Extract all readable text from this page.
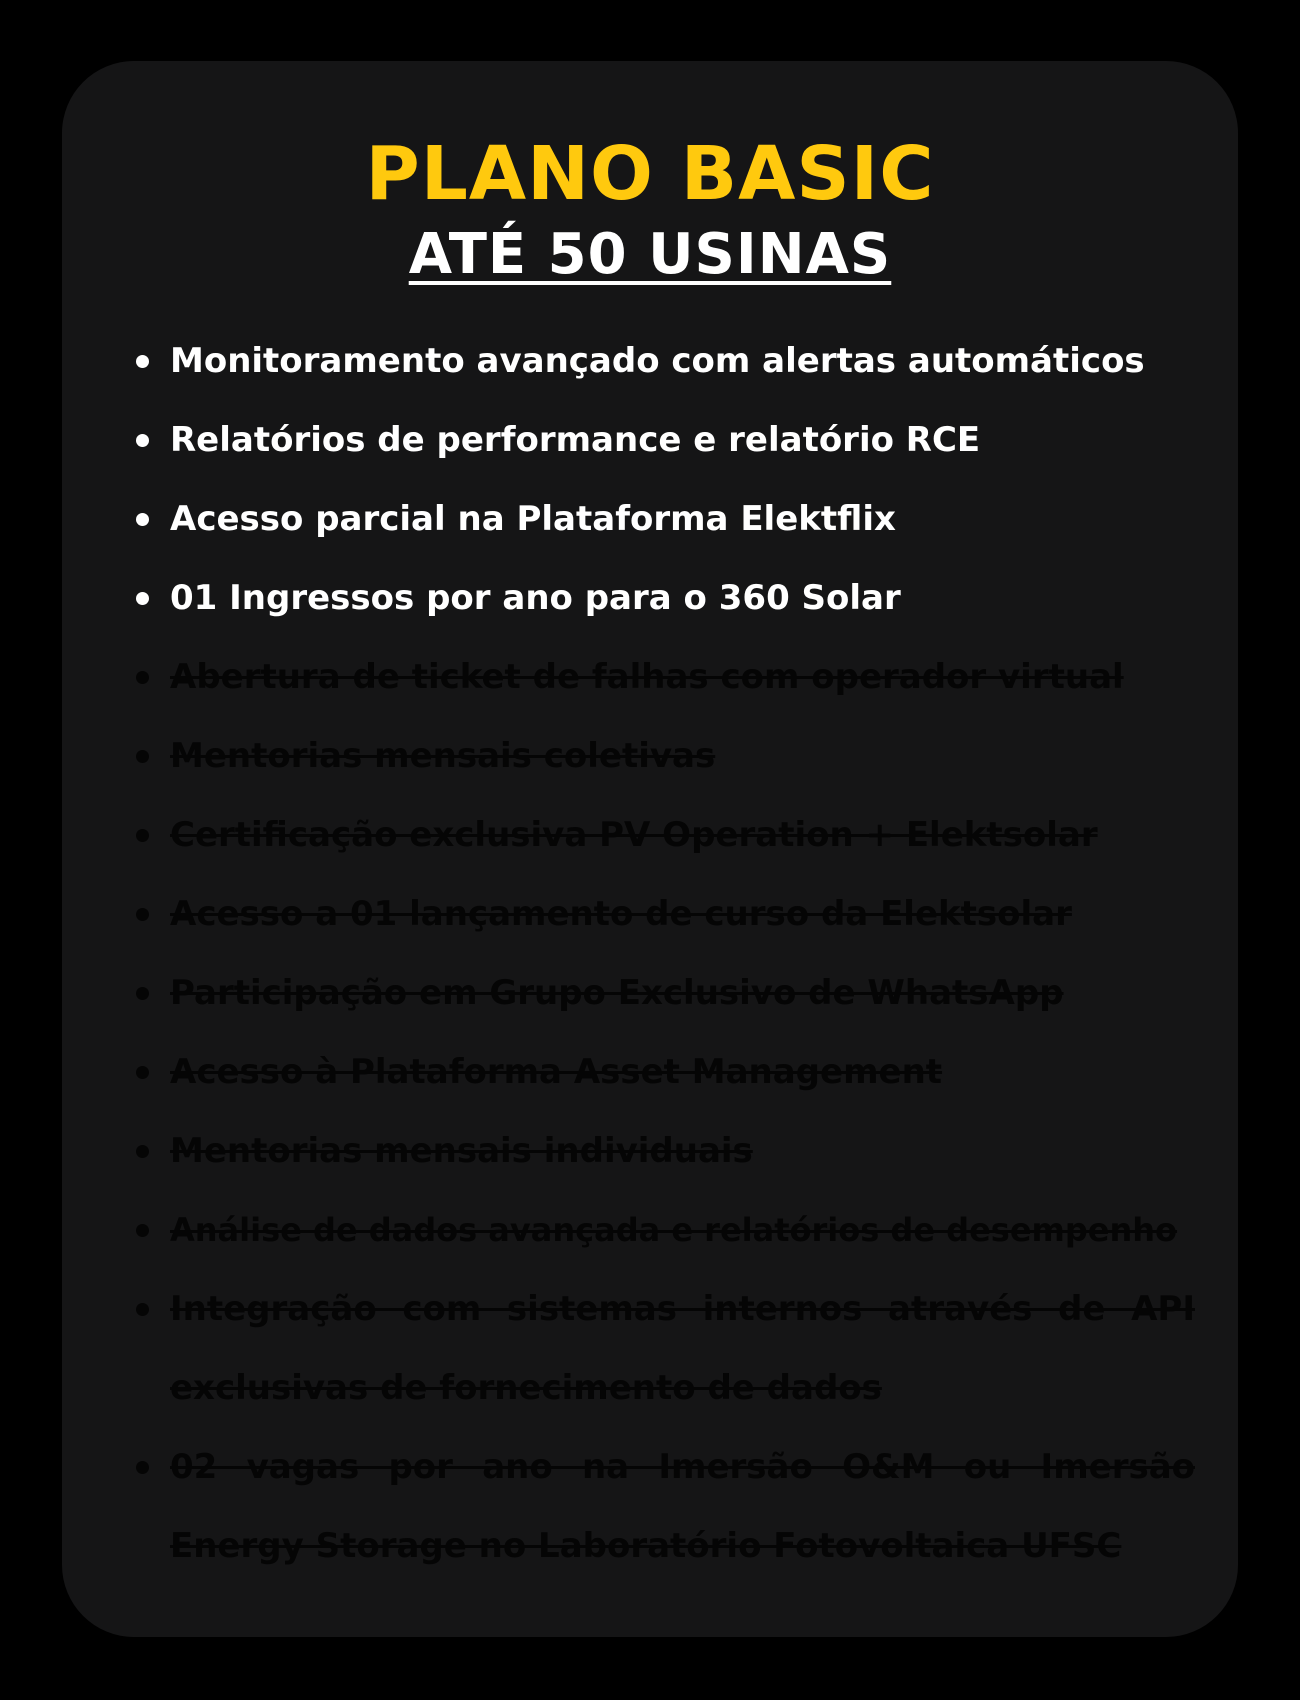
PLANO BASIC
ATÉ 50 USINAS
Monitoramento avançado com alertas automáticos
Relatórios de performance e relatório RCE
Acesso parcial na Plataforma Elektflix
01 Ingressos por ano para o 360 Solar
Abertura de ticket de falhas com operador virtual
Mentorias mensais coletivas
Certificação exclusiva PV Operation + Elektsolar
Acesso a 01 lançamento de curso da Elektsolar
Participação em Grupo Exclusivo de WhatsApp
Acesso à Plataforma Asset Management
Mentorias mensais individuais
Análise de dados avançada e relatórios de desempenho
Integração com sistemas internos através de API exclusivas de fornecimento de dados
02 vagas por ano na Imersão O&M ou Imersão Energy Storage no Laboratório Fotovoltaica UFSC
